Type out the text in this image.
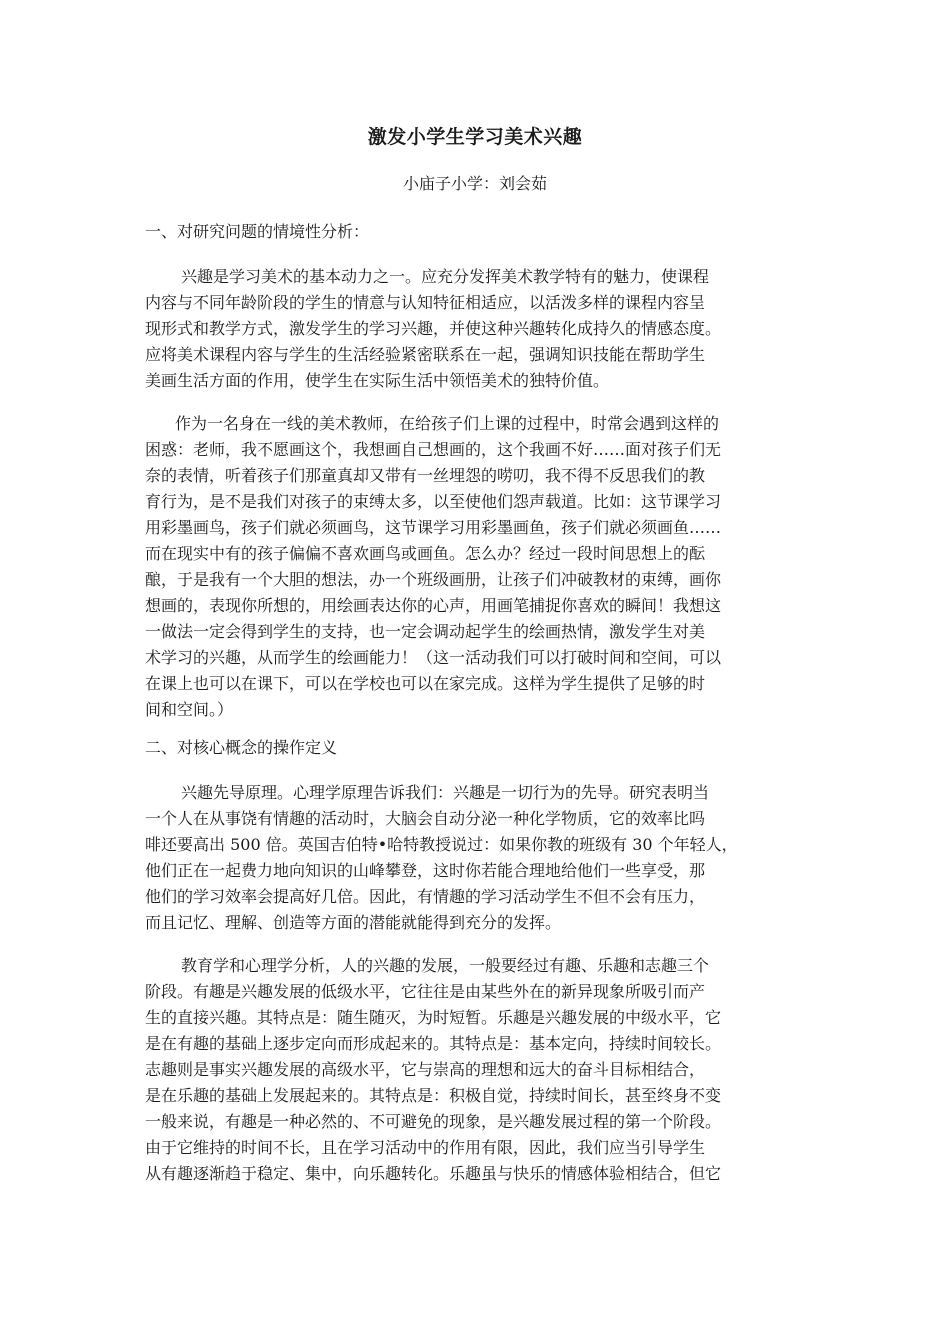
激发小学生学习美术兴趣
小庙子小学：刘会茹
一、对研究问题的情境性分析：
兴趣是学习美术的基本动力之一。应充分发挥美术教学特有的魅力，使课程
内容与不同年龄阶段的学生的情意与认知特征相适应，以活泼多样的课程内容呈
现形式和教学方式，激发学生的学习兴趣，并使这种兴趣转化成持久的情感态度。
应将美术课程内容与学生的生活经验紧密联系在一起，强调知识技能在帮助学生
美画生活方面的作用，使学生在实际生活中领悟美术的独特价值。
作为一名身在一线的美术教师，在给孩子们上课的过程中，时常会遇到这样的
困惑：老师，我不愿画这个，我想画自己想画的，这个我画不好……面对孩子们无
奈的表情，听着孩子们那童真却又带有一丝埋怨的唠叨，我不得不反思我们的教
育行为，是不是我们对孩子的束缚太多，以至使他们怨声载道。比如：这节课学习
用彩墨画鸟，孩子们就必须画鸟，这节课学习用彩墨画鱼，孩子们就必须画鱼……
而在现实中有的孩子偏偏不喜欢画鸟或画鱼。怎么办？经过一段时间思想上的酝
酿，于是我有一个大胆的想法，办一个班级画册，让孩子们冲破教材的束缚，画你
想画的，表现你所想的，用绘画表达你的心声，用画笔捕捉你喜欢的瞬间！我想这
一做法一定会得到学生的支持，也一定会调动起学生的绘画热情，激发学生对美
术学习的兴趣，从而学生的绘画能力！（这一活动我们可以打破时间和空间，可以
在课上也可以在课下，可以在学校也可以在家完成。这样为学生提供了足够的时
间和空间。）
二、对核心概念的操作定义
兴趣先导原理。心理学原理告诉我们：兴趣是一切行为的先导。研究表明当
一个人在从事饶有情趣的活动时，大脑会自动分泌一种化学物质，它的效率比吗
啡还要高出 500 倍。英国吉伯特•哈特教授说过：如果你教的班级有 30 个年轻人，
他们正在一起费力地向知识的山峰攀登，这时你若能合理地给他们一些享受，那
他们的学习效率会提高好几倍。因此，有情趣的学习活动学生不但不会有压力，
而且记忆、理解、创造等方面的潜能就能得到充分的发挥。
教育学和心理学分析，人的兴趣的发展，一般要经过有趣、乐趣和志趣三个
阶段。有趣是兴趣发展的低级水平，它往往是由某些外在的新异现象所吸引而产
生的直接兴趣。其特点是：随生随灭，为时短暂。乐趣是兴趣发展的中级水平，它
是在有趣的基础上逐步定向而形成起来的。其特点是：基本定向，持续时间较长。
志趣则是事实兴趣发展的高级水平，它与崇高的理想和远大的奋斗目标相结合，
是在乐趣的基础上发展起来的。其特点是：积极自觉，持续时间长，甚至终身不变
一般来说，有趣是一种必然的、不可避免的现象，是兴趣发展过程的第一个阶段。
由于它维持的时间不长，且在学习活动中的作用有限，因此，我们应当引导学生
从有趣逐渐趋于稳定、集中，向乐趣转化。乐趣虽与快乐的情感体验相结合，但它
